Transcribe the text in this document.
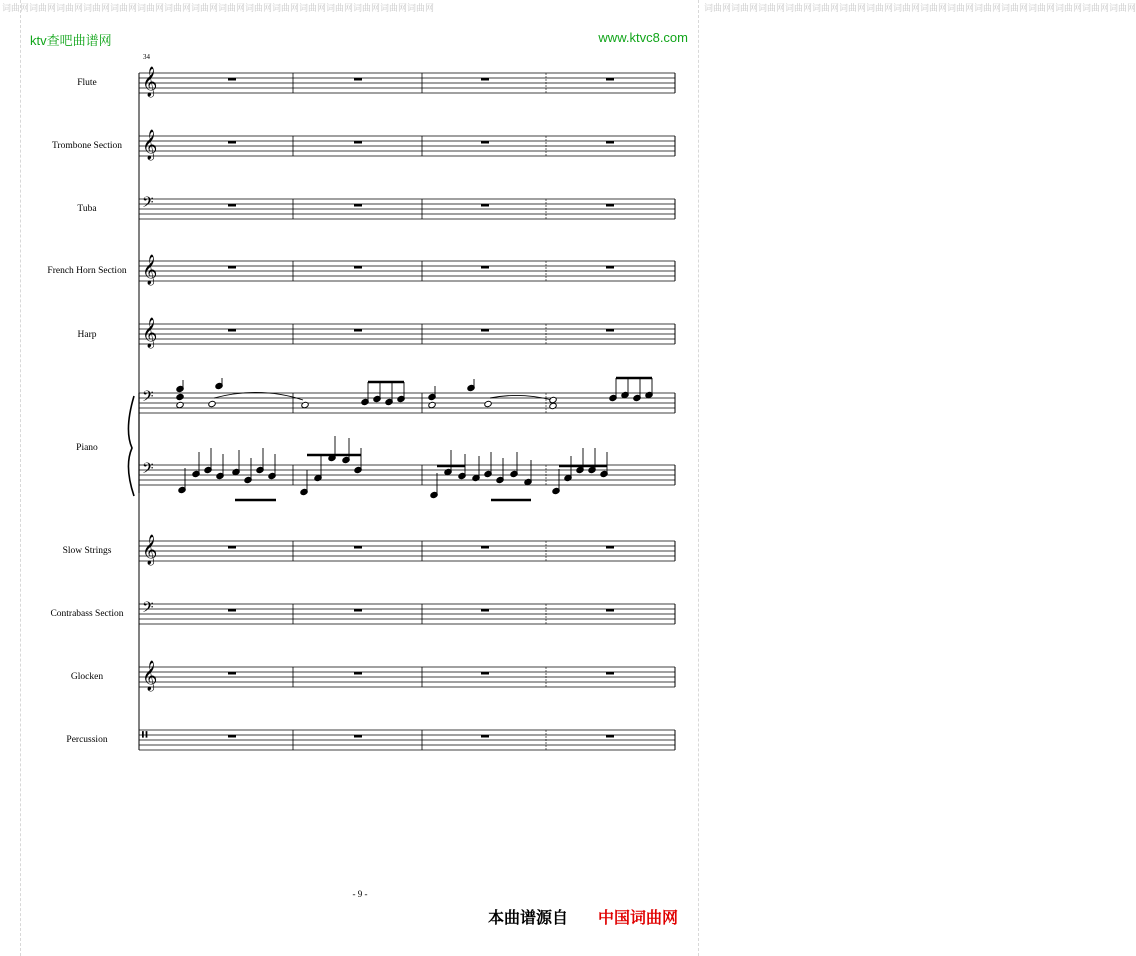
词曲网词曲网词曲网词曲网词曲网词曲网词曲网词曲网词曲网词曲网词曲网词曲网词曲网词曲网词曲网词曲网	词曲网词曲网词曲网词曲网词曲网词曲网词曲网词曲网词曲网词曲网词曲网词曲网词曲网词曲网词曲网词曲网
ktv查吧曲谱网	www.ktvc8.com
34
𝄞
𝄞
𝄢
𝄞
𝄞
𝄢
𝄢
𝄞
𝄢
𝄞
𝄥
Flute
Trombone Section
Tuba
French Horn Section
Harp
Piano
Slow Strings
Contrabass Section
Glocken
Percussion
- 9 -
本曲谱源自 中国词曲网
